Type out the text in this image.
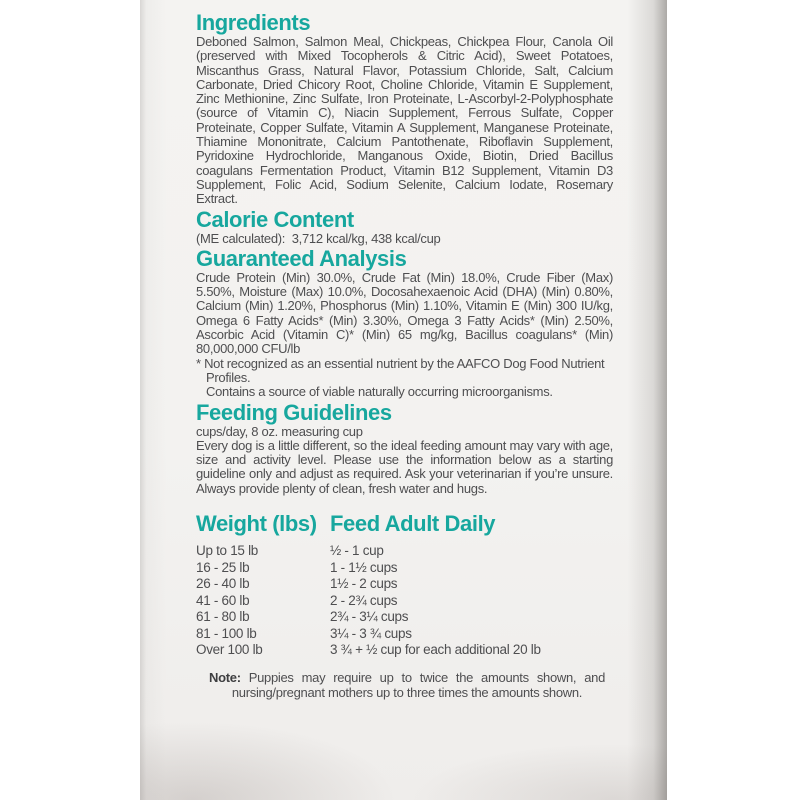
Ingredients

Deboned Salmon, Salmon Meal, Chickpeas, Chickpea Flour, Canola Oil (preserved with Mixed Tocopherols & Citric Acid), Sweet Potatoes, Miscanthus Grass, Natural Flavor, Potassium Chloride, Salt, Calcium Carbonate, Dried Chicory Root, Choline Chloride, Vitamin E Supplement, Zinc Methionine, Zinc Sulfate, Iron Proteinate, L-Ascorbyl-2-Polyphosphate (source of Vitamin C), Niacin Supplement, Ferrous Sulfate, Copper Proteinate, Copper Sulfate, Vitamin A Supplement, Manganese Proteinate, Thiamine Mononitrate, Calcium Pantothenate, Riboflavin Supplement, Pyridoxine Hydrochloride, Manganous Oxide, Biotin, Dried Bacillus coagulans Fermentation Product, Vitamin B12 Supplement, Vitamin D3 Supplement, Folic Acid, Sodium Selenite, Calcium Iodate, Rosemary Extract.

Calorie Content

(ME calculated):  3,712 kcal/kg, 438 kcal/cup

Guaranteed Analysis

Crude Protein (Min) 30.0%, Crude Fat (Min) 18.0%, Crude Fiber (Max) 5.50%, Moisture (Max) 10.0%, Docosahexaenoic Acid (DHA) (Min) 0.80%, Calcium (Min) 1.20%, Phosphorus (Min) 1.10%, Vitamin E (Min) 300 IU/kg, Omega 6 Fatty Acids* (Min) 3.30%, Omega 3 Fatty Acids* (Min) 2.50%, Ascorbic Acid (Vitamin C)* (Min) 65 mg/kg, Bacillus coagulans* (Min) 80,000,000 CFU/lb

* Not recognized as an essential nutrient by the AAFCO Dog Food Nutrient Profiles.

Contains a source of viable naturally occurring microorganisms.

Feeding Guidelines

cups/day, 8 oz. measuring cup

Every dog is a little different, so the ideal feeding amount may vary with age, size and activity level. Please use the information below as a starting guideline only and adjust as required. Ask your veterinarian if you’re unsure. Always provide plenty of clean, fresh water and hugs.

Weight (lbs) Feed Adult Daily
Up to 15 lb	½ - 1 cup
16 - 25 lb	1 - 1½ cups
26 - 40 lb	1½ - 2 cups
41 - 60 lb	2 - 2¾ cups
61 - 80 lb	2¾ - 3¼ cups
81 - 100 lb	3¼ - 3 ¾ cups
Over 100 lb	3 ¾ + ½ cup for each additional 20 lb

Note: Puppies may require up to twice the amounts shown, and nursing/pregnant mothers up to three times the amounts shown.
